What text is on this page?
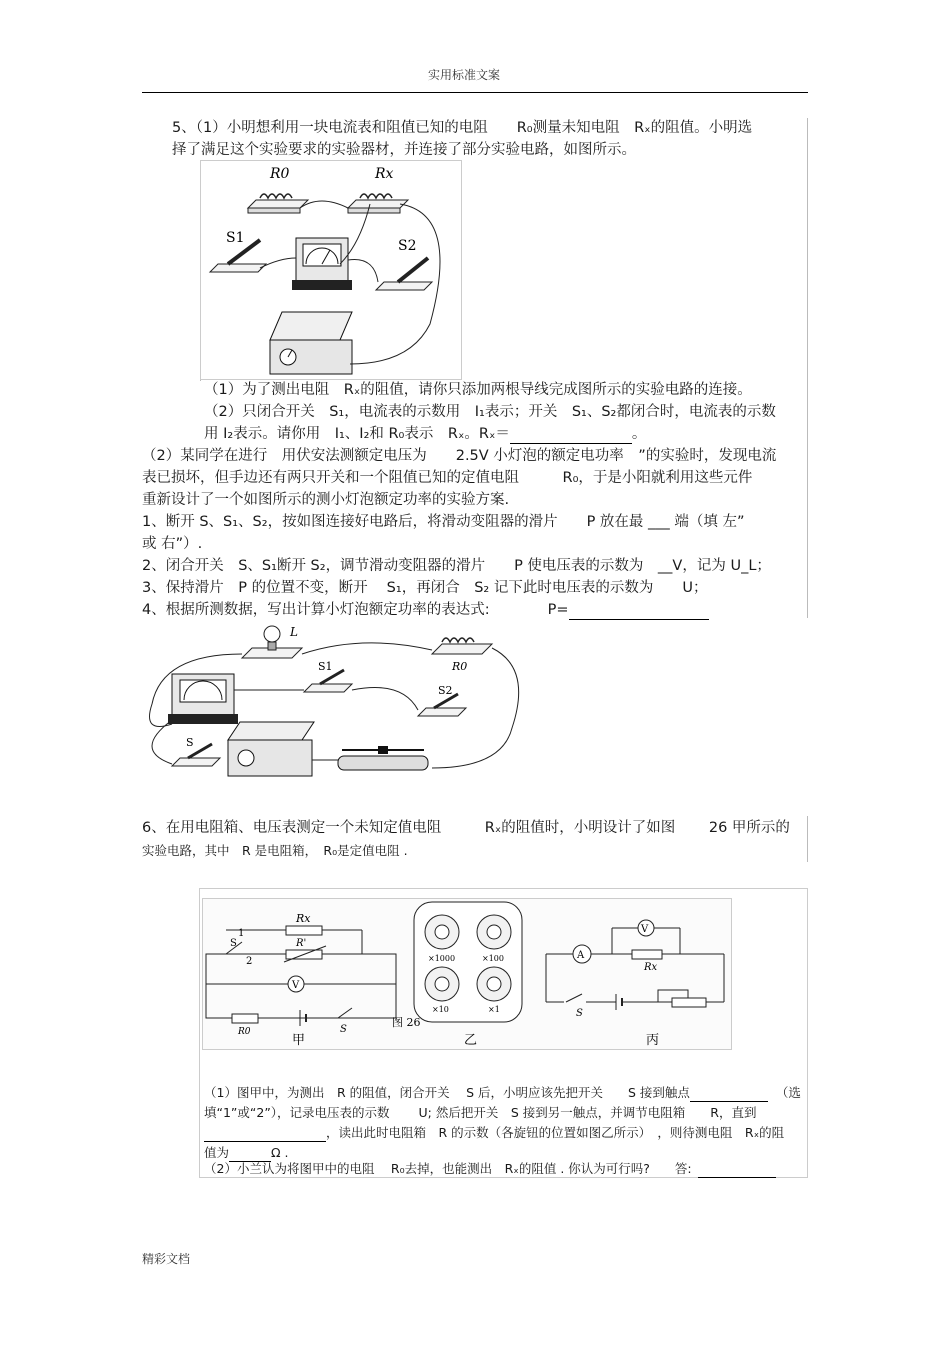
实用标准文案
5、（1）小明想利用一块电流表和阻值已知的电阻　　R₀测量未知电阻　Rₓ的阻值。小明选
择了满足这个实验要求的实验器材，并连接了部分实验电路，如图所示。
R0	Rx
S1	S2
（1）为了测出电阻　Rₓ的阻值，请你只添加两根导线完成图所示的实验电路的连接。
（2）只闭合开关　S₁，电流表的示数用　I₁表示；开关　S₁、S₂都闭合时，电流表的示数
用 I₂表示。请你用　I₁、I₂和 R₀表示　Rₓ。Rₓ＝	。
（2）某同学在进行　用伏安法测额定电压为　　2.5V 小灯泡的额定电功率　”的实验时，发现电流
表已损坏，但手边还有两只开关和一个阻值已知的定值电阻　　　R₀，于是小阳就利用这些元件
重新设计了一个如图所示的测小灯泡额定功率的实验方案.
1、断开 S、S₁、S₂，按如图连接好电路后，将滑动变阻器的滑片　　P 放在最 ___ 端（填 左”
或 右”）.
2、闭合开关　S、S₁断开 S₂，调节滑动变阻器的滑片　　P 使电压表的示数为　__V，记为 U_L；
3、保持滑片　P 的位置不变，断开　 S₁，再闭合　S₂ 记下此时电压表的示数为　　U；
4、根据所测数据，写出计算小灯泡额定功率的表达式:　　　　P=
L
R0
S1
S2
S
6、在用电阻箱、电压表测定一个未知定值电阻　　　Rₓ的阻值时，小明设计了如图　　 26 甲所示的
实验电路，其中　R 是电阻箱，　R₀是定值电阻 .
Rx
S
1
2
R'
V
R0	S
甲
×1000	×100
×10	×1
乙
A
V
Rx
S
丙
图 26
（1）图甲中，为测出　R 的阻值，闭合开关　 S 后，小明应该先把开关　　S 接到触点	（选
填“1”或“2”），记录电压表的示数　　 U; 然后把开关　S 接到另一触点，并调节电阻箱　　R，直到
，读出此时电阻箱　R 的示数（各旋钮的位置如图乙所示）　，则待测电阻　Rₓ的阻
值为	Ω .
（2）小兰认为将图甲中的电阻　 R₀去掉，也能测出　Rₓ的阻值 . 你认为可行吗?　　答:
精彩文档
